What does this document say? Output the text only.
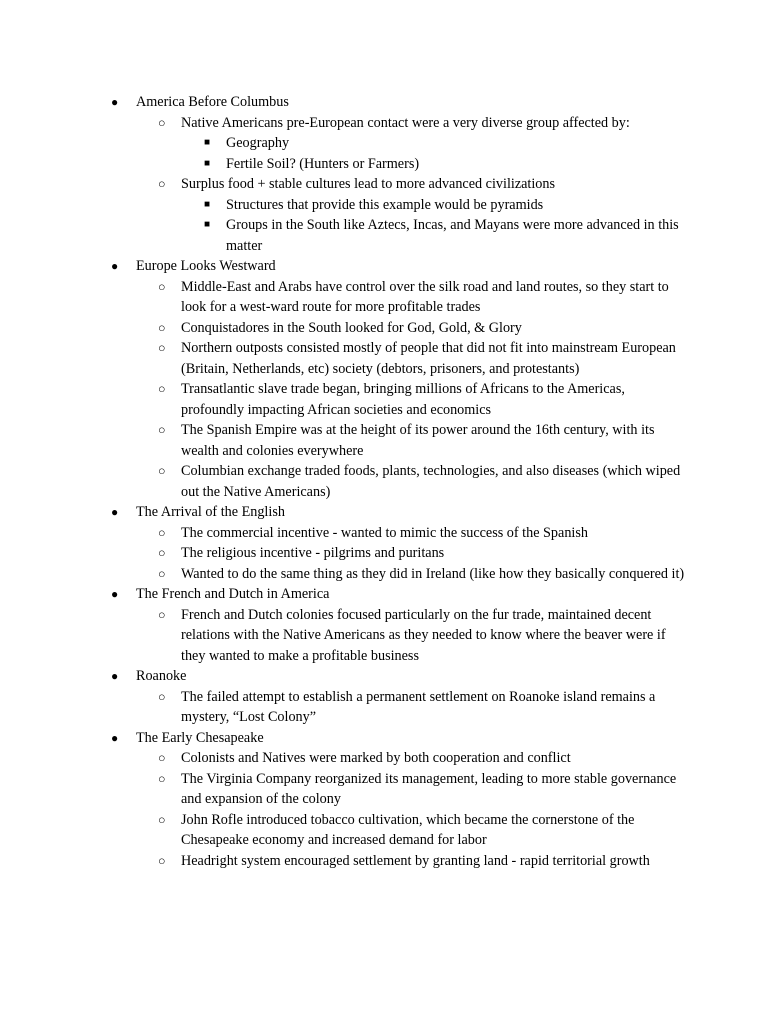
● America Before Columbus
○ Native Americans pre-European contact were a very diverse group affected by:
■ Geography
■ Fertile Soil? (Hunters or Farmers)
○ Surplus food + stable cultures lead to more advanced civilizations
■ Structures that provide this example would be pyramids
■ Groups in the South like Aztecs, Incas, and Mayans were more advanced in this matter
● Europe Looks Westward
○ Middle-East and Arabs have control over the silk road and land routes, so they start to look for a west-ward route for more profitable trades
○ Conquistadores in the South looked for God, Gold, & Glory
○ Northern outposts consisted mostly of people that did not fit into mainstream European (Britain, Netherlands, etc) society (debtors, prisoners, and protestants)
○ Transatlantic slave trade began, bringing millions of Africans to the Americas, profoundly impacting African societies and economics
○ The Spanish Empire was at the height of its power around the 16th century, with its wealth and colonies everywhere
○ Columbian exchange traded foods, plants, technologies, and also diseases (which wiped out the Native Americans)
● The Arrival of the English
○ The commercial incentive - wanted to mimic the success of the Spanish
○ The religious incentive - pilgrims and puritans
○ Wanted to do the same thing as they did in Ireland (like how they basically conquered it)
● The French and Dutch in America
○ French and Dutch colonies focused particularly on the fur trade, maintained decent relations with the Native Americans as they needed to know where the beaver were if they wanted to make a profitable business
● Roanoke
○ The failed attempt to establish a permanent settlement on Roanoke island remains a mystery, “Lost Colony”
● The Early Chesapeake
○ Colonists and Natives were marked by both cooperation and conflict
○ The Virginia Company reorganized its management, leading to more stable governance and expansion of the colony
○ John Rofle introduced tobacco cultivation, which became the cornerstone of the Chesapeake economy and increased demand for labor
○ Headright system encouraged settlement by granting land - rapid territorial growth
